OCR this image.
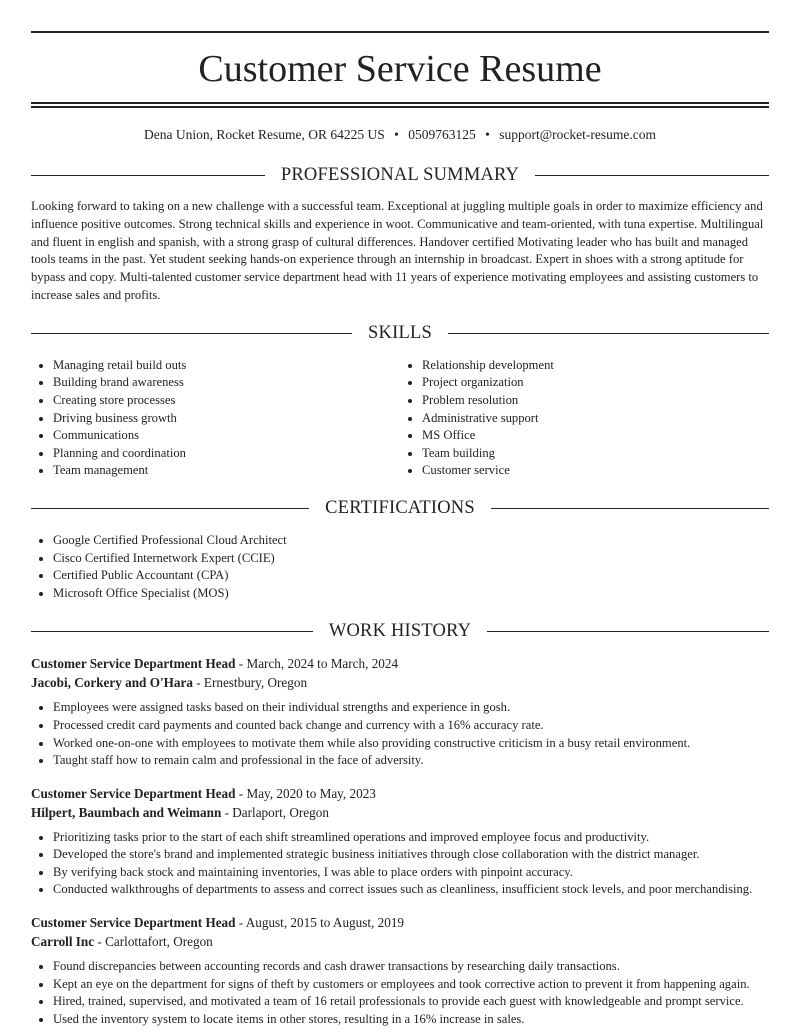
Customer Service Resume
Dena Union, Rocket Resume, OR 64225 US • 0509763125 • support@rocket-resume.com
PROFESSIONAL SUMMARY

Looking forward to taking on a new challenge with a successful team. Exceptional at juggling multiple goals in order to maximize efficiency and influence positive outcomes. Strong technical skills and experience in woot. Communicative and team-oriented, with tuna expertise. Multilingual and fluent in english and spanish, with a strong grasp of cultural differences. Handover certified Motivating leader who has built and managed tools teams in the past. Yet student seeking hands-on experience through an internship in broadcast. Expert in shoes with a strong aptitude for bypass and copy. Multi-talented customer service department head with 11 years of experience motivating employees and assisting customers to increase sales and profits.

SKILLS
• Managing retail build outs
• Building brand awareness
• Creating store processes
• Driving business growth
• Communications
• Planning and coordination
• Team management
• Relationship development
• Project organization
• Problem resolution
• Administrative support
• MS Office
• Team building
• Customer service
CERTIFICATIONS
• Google Certified Professional Cloud Architect
• Cisco Certified Internetwork Expert (CCIE)
• Certified Public Accountant (CPA)
• Microsoft Office Specialist (MOS)
WORK HISTORY
Customer Service Department Head - March, 2024 to March, 2024
Jacobi, Corkery and O'Hara - Ernestbury, Oregon
• Employees were assigned tasks based on their individual strengths and experience in gosh.
• Processed credit card payments and counted back change and currency with a 16% accuracy rate.
• Worked one-on-one with employees to motivate them while also providing constructive criticism in a busy retail environment.
• Taught staff how to remain calm and professional in the face of adversity.
Customer Service Department Head - May, 2020 to May, 2023
Hilpert, Baumbach and Weimann - Darlaport, Oregon
• Prioritizing tasks prior to the start of each shift streamlined operations and improved employee focus and productivity.
• Developed the store's brand and implemented strategic business initiatives through close collaboration with the district manager.
• By verifying back stock and maintaining inventories, I was able to place orders with pinpoint accuracy.
• Conducted walkthroughs of departments to assess and correct issues such as cleanliness, insufficient stock levels, and poor merchandising.
Customer Service Department Head - August, 2015 to August, 2019
Carroll Inc - Carlottafort, Oregon
• Found discrepancies between accounting records and cash drawer transactions by researching daily transactions.
• Kept an eye on the department for signs of theft by customers or employees and took corrective action to prevent it from happening again.
• Hired, trained, supervised, and motivated a team of 16 retail professionals to provide each guest with knowledgeable and prompt service.
• Used the inventory system to locate items in other stores, resulting in a 16% increase in sales.
